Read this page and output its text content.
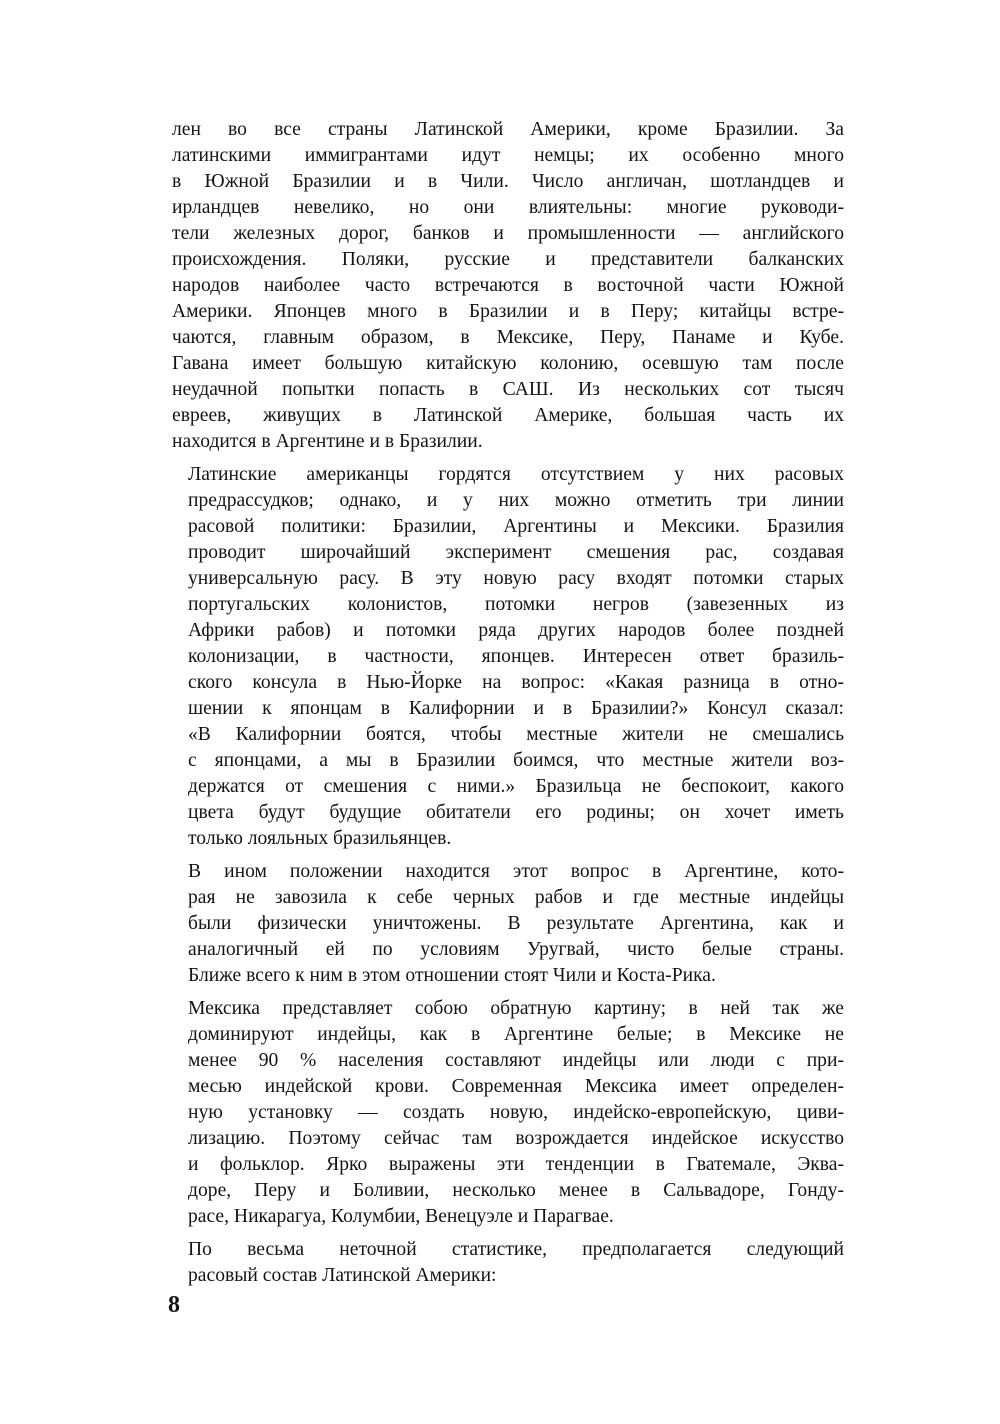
лен во все страны Латинской Америки, кроме Бразилии. За
латинскими иммигрантами идут немцы; их особенно много
в Южной Бразилии и в Чили. Число англичан, шотландцев и
ирландцев невелико, но они влиятельны: многие руководи-
тели железных дорог, банков и промышленности — английского
происхождения. Поляки, русские и представители балканских
народов наиболее часто встречаются в восточной части Южной
Америки. Японцев много в Бразилии и в Перу; китайцы встре-
чаются, главным образом, в Мексике, Перу, Панаме и Кубе.
Гавана имеет большую китайскую колонию, осевшую там после
неудачной попытки попасть в САШ. Из нескольких сот тысяч
евреев, живущих в Латинской Америке, большая часть их
находится в Аргентине и в Бразилии.

Латинские американцы гордятся отсутствием у них расовых
предрассудков; однако, и у них можно отметить три линии
расовой политики: Бразилии, Аргентины и Мексики. Бразилия
проводит широчайший эксперимент смешения рас, создавая
универсальную расу. В эту новую расу входят потомки старых
португальских колонистов, потомки негров (завезенных из
Африки рабов) и потомки ряда других народов более поздней
колонизации, в частности, японцев. Интересен ответ бразиль-
ского консула в Нью-Йорке на вопрос: «Какая разница в отно-
шении к японцам в Калифорнии и в Бразилии?» Консул сказал:
«В Калифорнии боятся, чтобы местные жители не смешались
с японцами, а мы в Бразилии боимся, что местные жители воз-
держатся от смешения с ними.» Бразильца не беспокоит, какого
цвета будут будущие обитатели его родины; он хочет иметь
только лояльных бразильянцев.

В ином положении находится этот вопрос в Аргентине, кото-
рая не завозила к себе черных рабов и где местные индейцы
были физически уничтожены. В результате Аргентина, как и
аналогичный ей по условиям Уругвай, чисто белые страны.
Ближе всего к ним в этом отношении стоят Чили и Коста-Рика.

Мексика представляет собою обратную картину; в ней так же
доминируют индейцы, как в Аргентине белые; в Мексике не
менее 90 % населения составляют индейцы или люди с при-
месью индейской крови. Современная Мексика имеет определен-
ную установку — создать новую, индейско-европейскую, циви-
лизацию. Поэтому сейчас там возрождается индейское искусство
и фольклор. Ярко выражены эти тенденции в Гватемале, Эква-
доре, Перу и Боливии, несколько менее в Сальвадоре, Гонду-
расе, Никарагуа, Колумбии, Венецуэле и Парагвае.

По весьма неточной статистике, предполагается следующий
расовый состав Латинской Америки:

8
